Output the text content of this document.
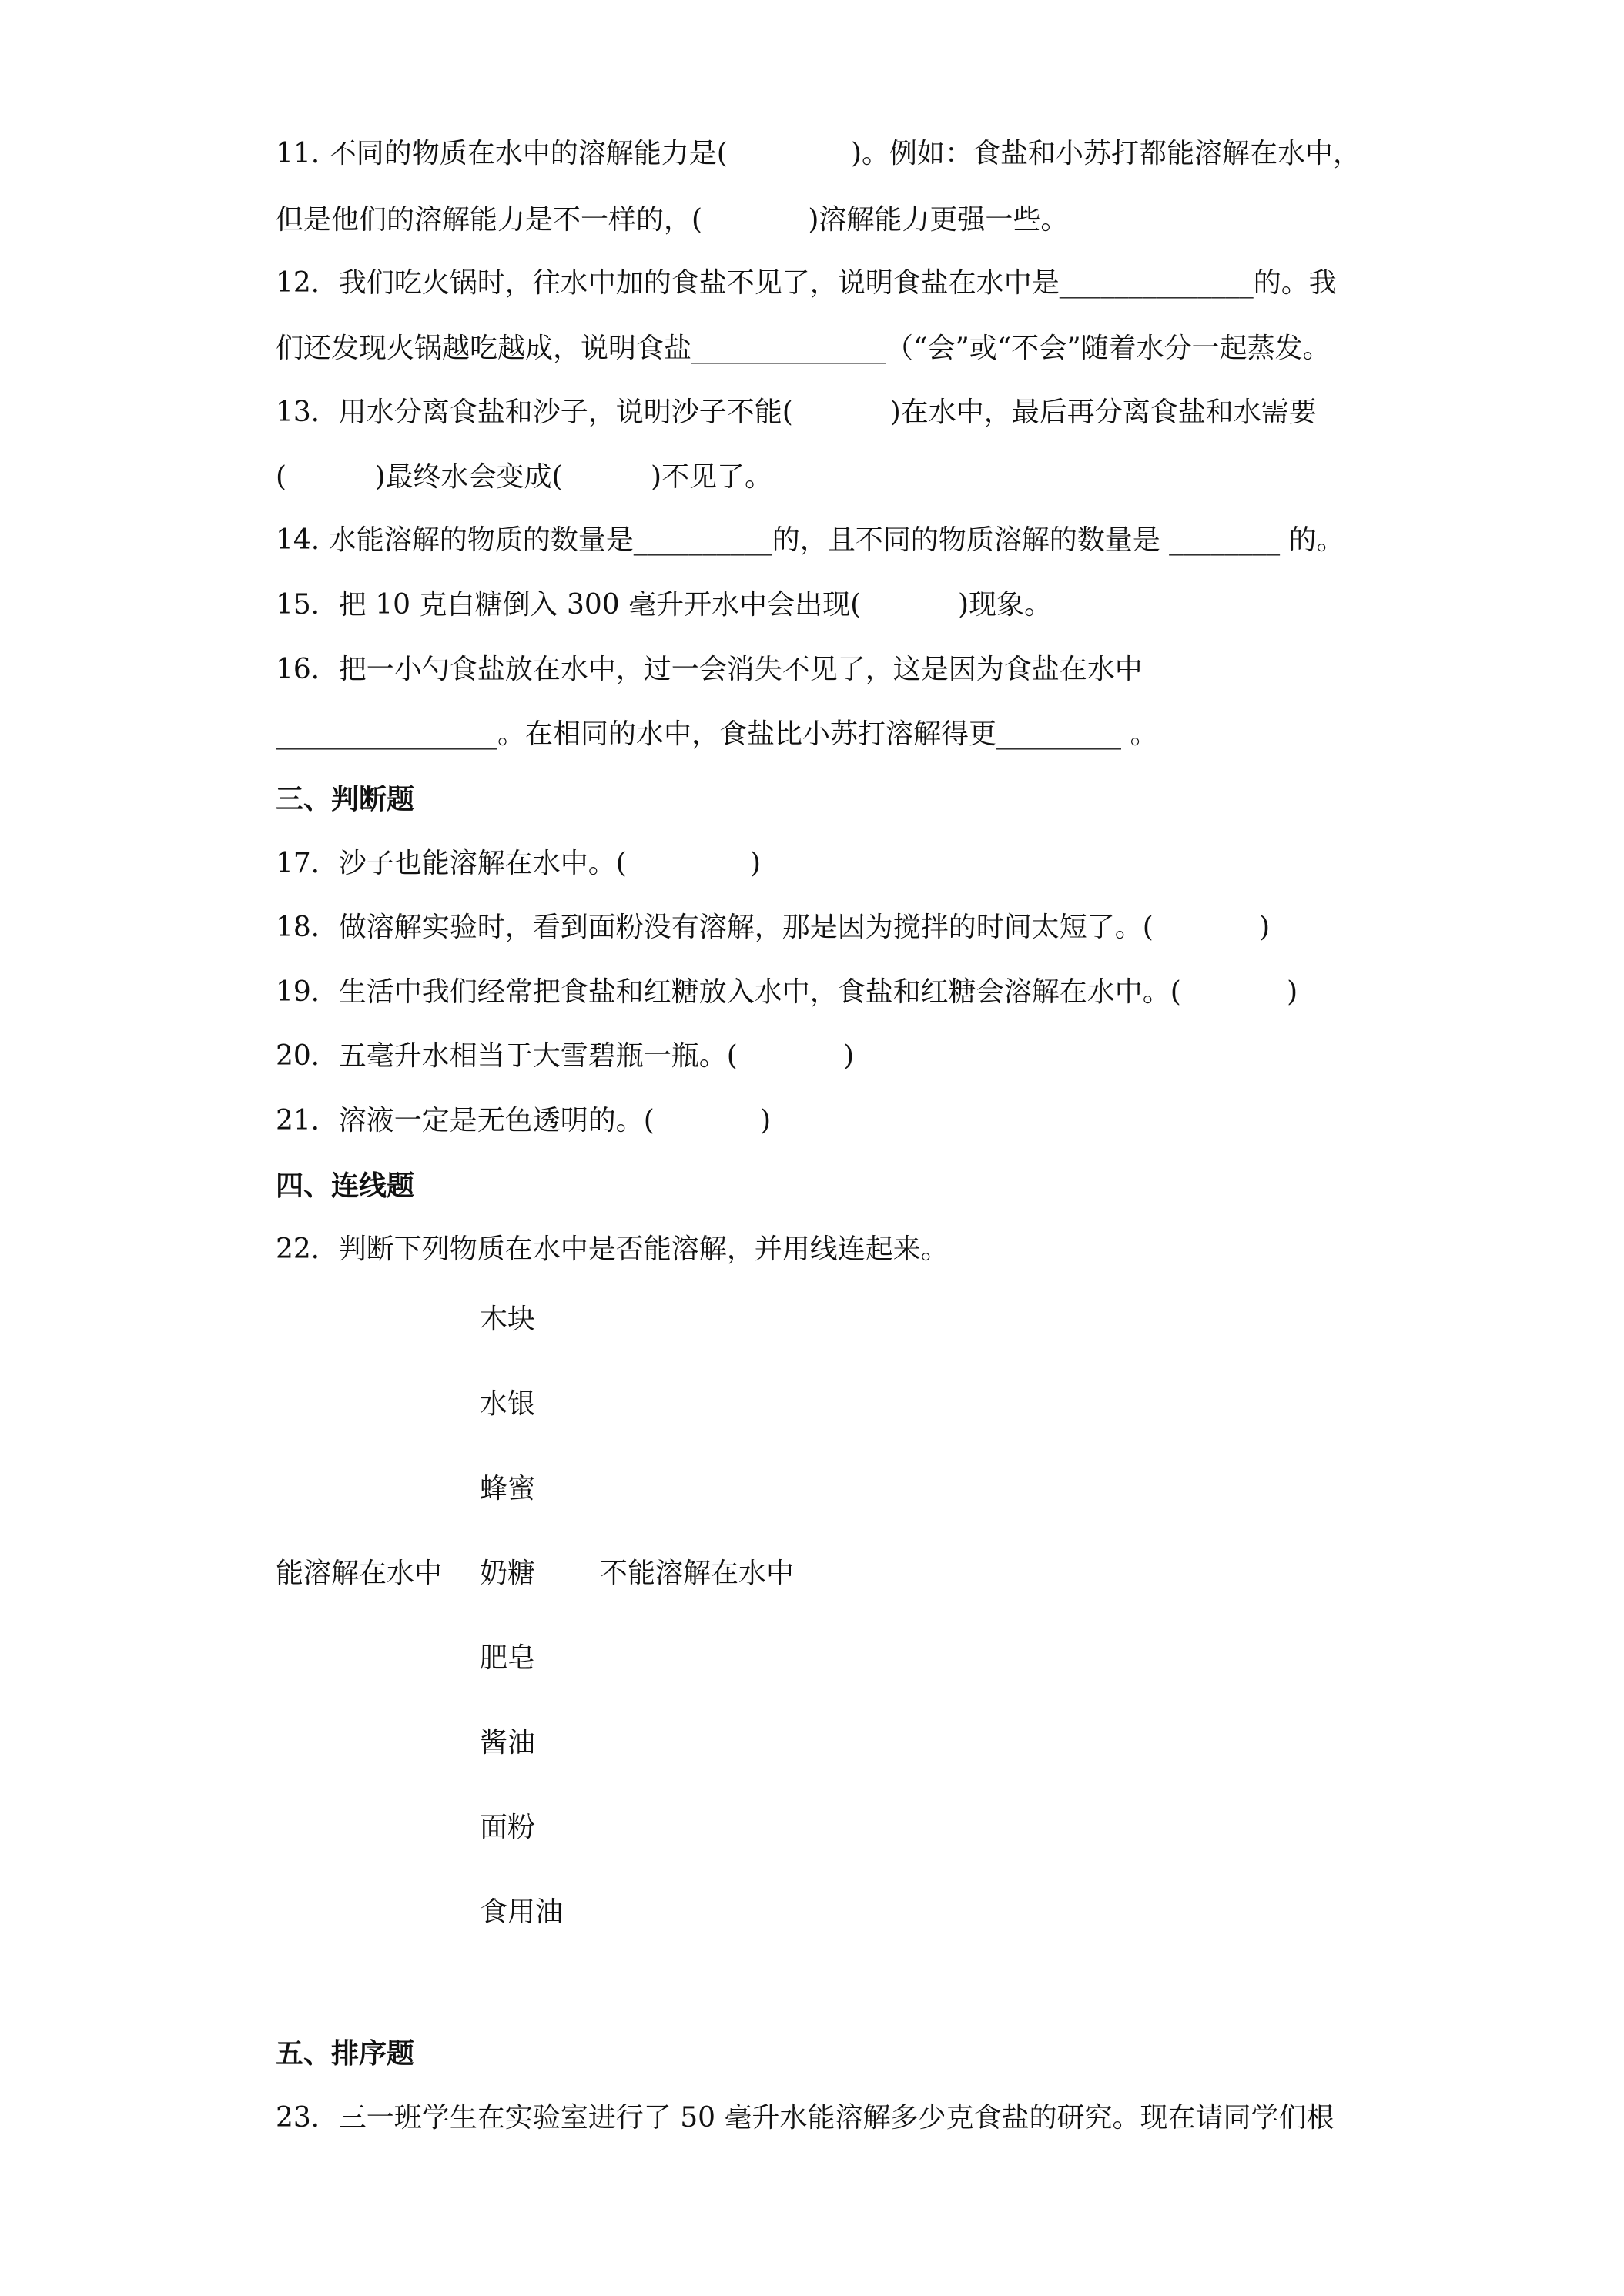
11. 不同的物质在水中的溶解能力是(              )。例如：食盐和小苏打都能溶解在水中，
但是他们的溶解能力是不一样的，(            )溶解能力更强一些。
12．我们吃火锅时，往水中加的食盐不见了，说明食盐在水中是______________的。我
们还发现火锅越吃越成，说明食盐______________（“会”或“不会”随着水分一起蒸发。
13．用水分离食盐和沙子，说明沙子不能(           )在水中，最后再分离食盐和水需要
(          )最终水会变成(          )不见了。
14. 水能溶解的物质的数量是__________的，且不同的物质溶解的数量是 ________ 的。
15．把 10 克白糖倒入 300 毫升开水中会出现(           )现象。
16．把一小勺食盐放在水中，过一会消失不见了，这是因为食盐在水中
________________。在相同的水中，食盐比小苏打溶解得更_________ 。
三、判断题
17．沙子也能溶解在水中。(              )
18．做溶解实验时，看到面粉没有溶解，那是因为搅拌的时间太短了。(            )
19．生活中我们经常把食盐和红糖放入水中，食盐和红糖会溶解在水中。(            )
20．五毫升水相当于大雪碧瓶一瓶。(            )
21．溶液一定是无色透明的。(            )
四、连线题
22．判断下列物质在水中是否能溶解，并用线连起来。
木块
水银
蜂蜜
能溶解在水中 奶糖 不能溶解在水中
肥皂
酱油
面粉
食用油
五、排序题
23．三一班学生在实验室进行了 50 毫升水能溶解多少克食盐的研究。现在请同学们根
